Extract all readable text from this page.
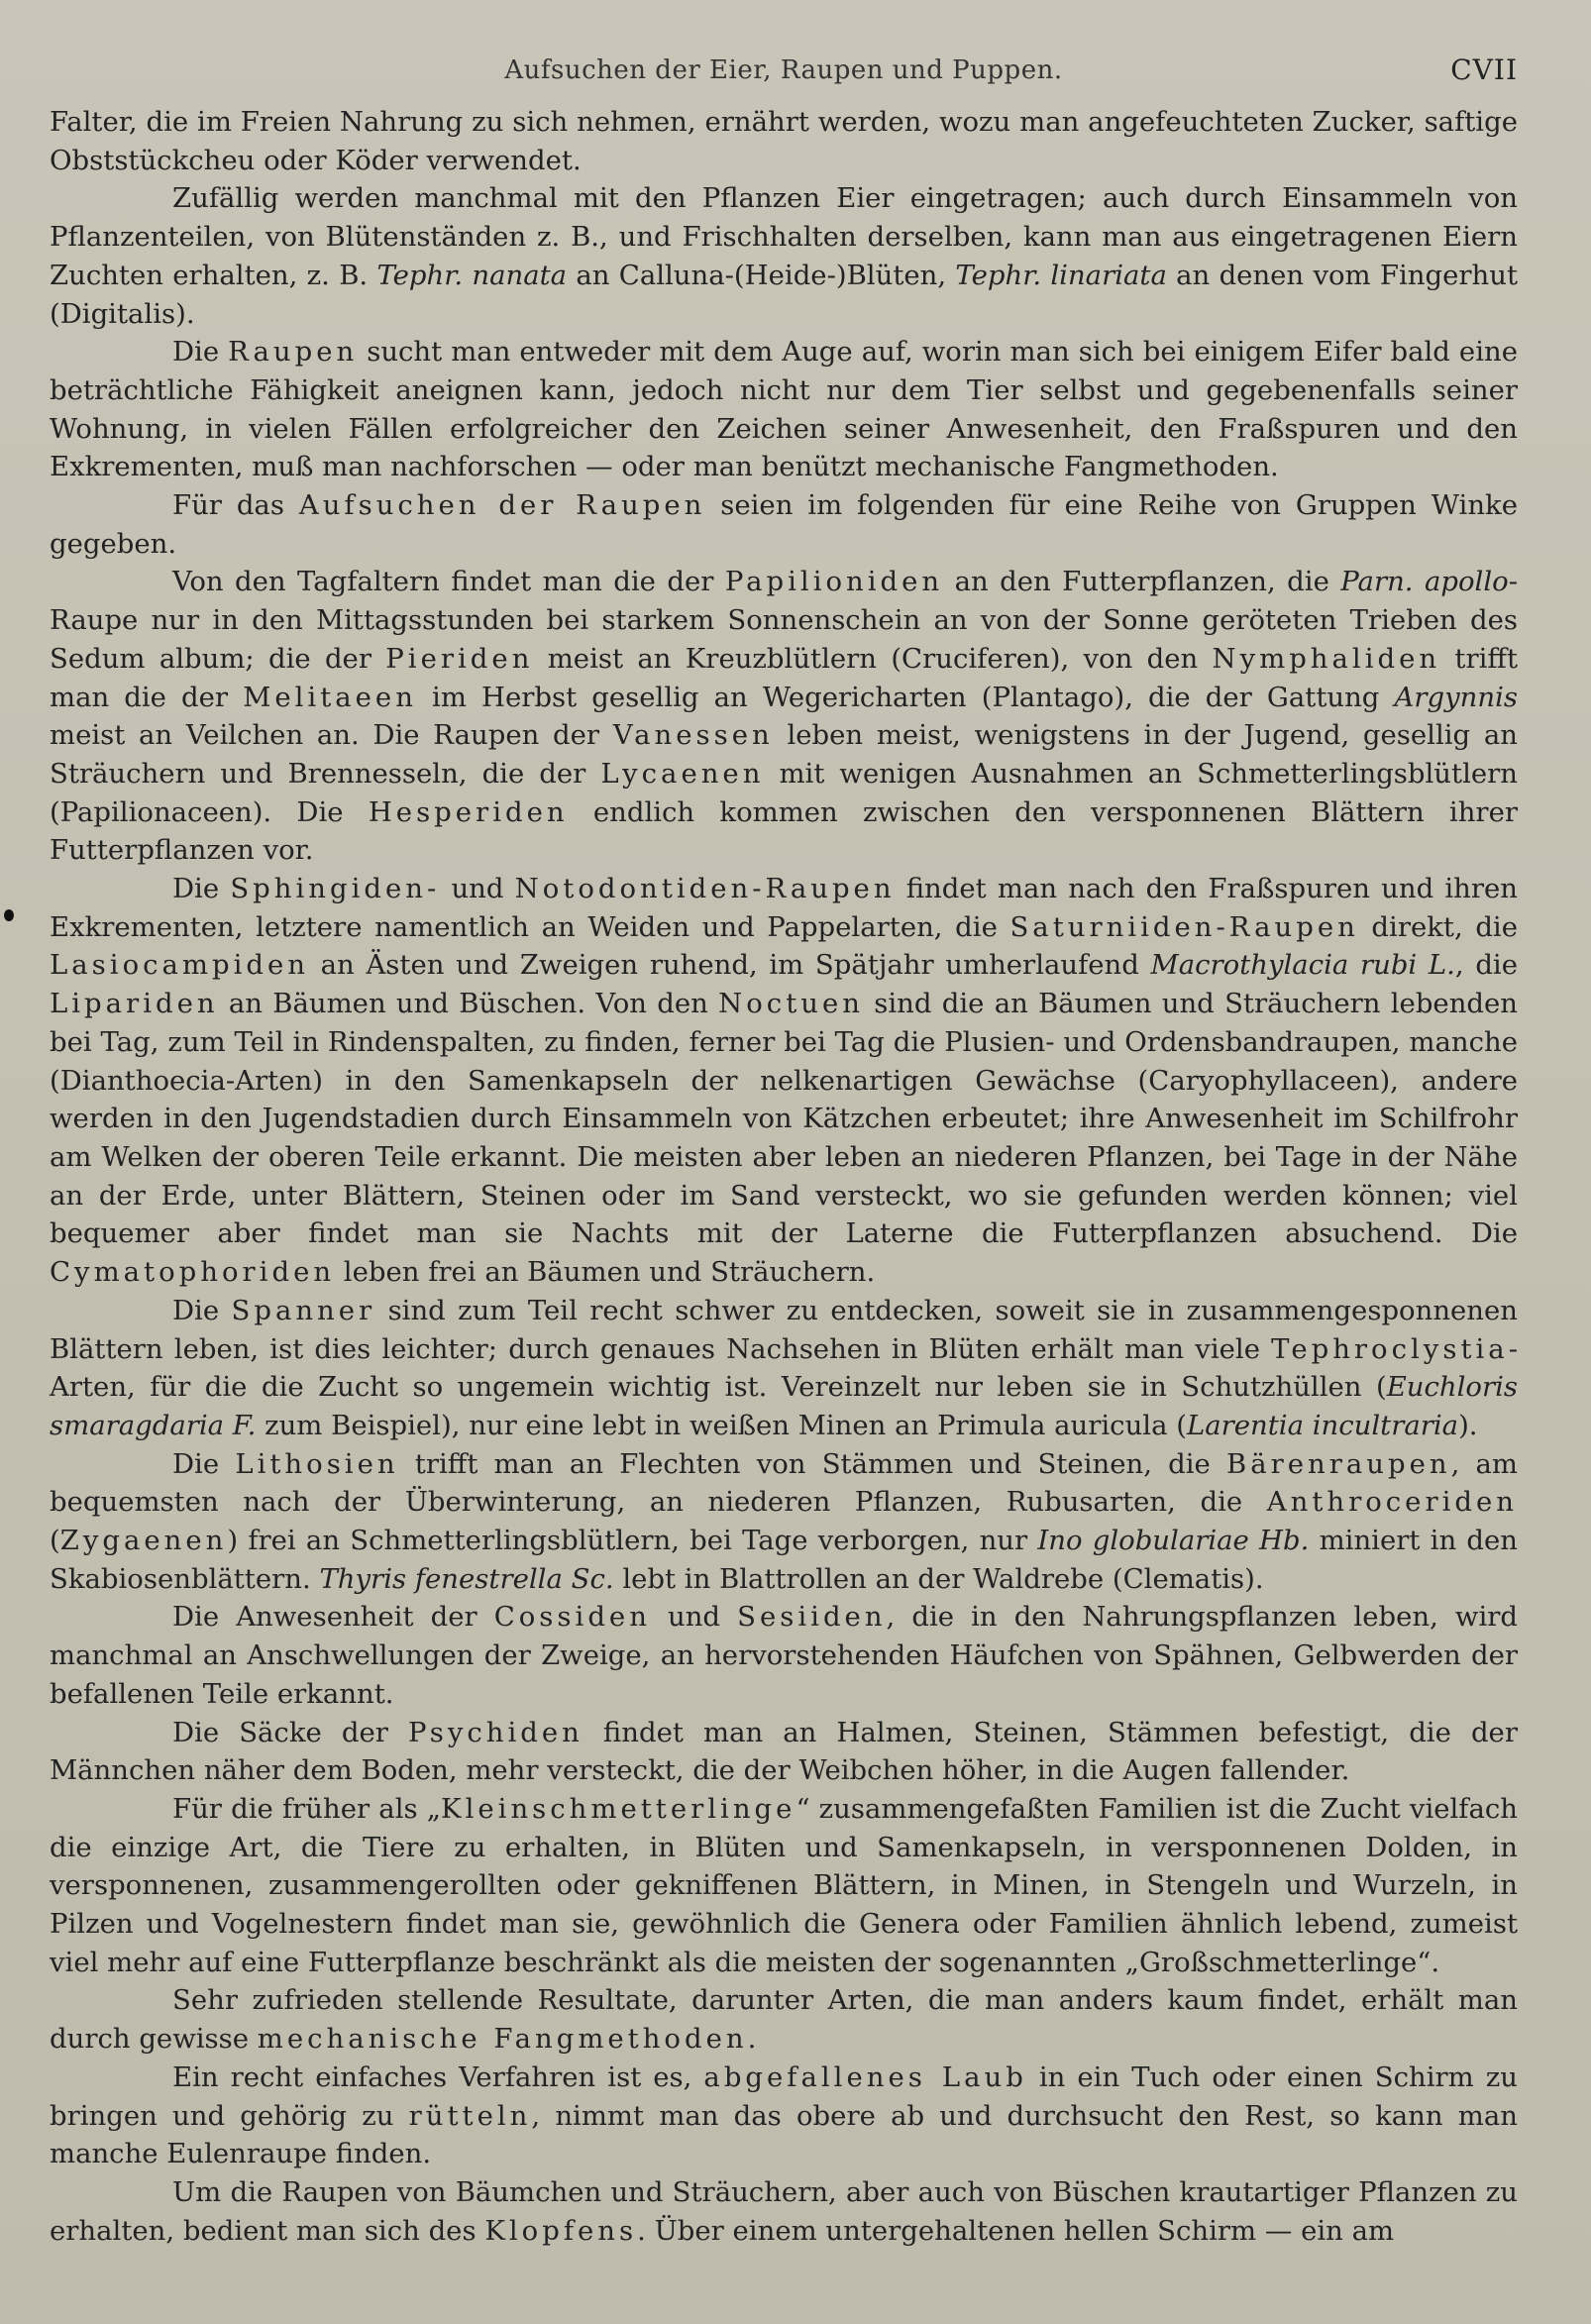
Aufsuchen der Eier, Raupen und Puppen.	CVII

Falter, die im Freien Nahrung zu sich nehmen, ernährt werden, wozu man angefeuchteten Zucker, saftige Obststückcheu oder Köder verwendet.

Zufällig werden manchmal mit den Pflanzen Eier eingetragen; auch durch Einsammeln von Pflanzenteilen, von Blütenständen z. B., und Frischhalten derselben, kann man aus eingetragenen Eiern Zuchten erhalten, z. B. Tephr. nanata an Calluna-(Heide-)Blüten, Tephr. linariata an denen vom Fingerhut (Digitalis).

Die Raupen sucht man entweder mit dem Auge auf, worin man sich bei einigem Eifer bald eine beträchtliche Fähigkeit aneignen kann, jedoch nicht nur dem Tier selbst und gegebenenfalls seiner Wohnung, in vielen Fällen erfolgreicher den Zeichen seiner Anwesenheit, den Fraßspuren und den Exkrementen, muß man nachforschen — oder man benützt mechanische Fangmethoden.

Für das Aufsuchen der Raupen seien im folgenden für eine Reihe von Gruppen Winke gegeben.

Von den Tagfaltern findet man die der Papilioniden an den Futterpflanzen, die Parn. apollo-Raupe nur in den Mittagsstunden bei starkem Sonnenschein an von der Sonne geröteten Trieben des Sedum album; die der Pieriden meist an Kreuzblütlern (Cruciferen), von den Nymphaliden trifft man die der Melitaeen im Herbst gesellig an Wegericharten (Plantago), die der Gattung Argynnis meist an Veilchen an. Die Raupen der Vanessen leben meist, wenigstens in der Jugend, gesellig an Sträuchern und Brennesseln, die der Lycaenen mit wenigen Ausnahmen an Schmetterlingsblütlern (Papilionaceen). Die Hesperiden endlich kommen zwischen den versponnenen Blättern ihrer Futterpflanzen vor.

Die Sphingiden- und Notodontiden-Raupen findet man nach den Fraßspuren und ihren Exkrementen, letztere namentlich an Weiden und Pappelarten, die Saturniiden-Raupen direkt, die Lasiocampiden an Ästen und Zweigen ruhend, im Spätjahr umherlaufend Macrothylacia rubi L., die Lipariden an Bäumen und Büschen. Von den Noctuen sind die an Bäumen und Sträuchern lebenden bei Tag, zum Teil in Rindenspalten, zu finden, ferner bei Tag die Plusien- und Ordensbandraupen, manche (Dianthoecia-Arten) in den Samenkapseln der nelkenartigen Gewächse (Caryophyllaceen), andere werden in den Jugendstadien durch Einsammeln von Kätzchen erbeutet; ihre Anwesenheit im Schilfrohr am Welken der oberen Teile erkannt. Die meisten aber leben an niederen Pflanzen, bei Tage in der Nähe an der Erde, unter Blättern, Steinen oder im Sand versteckt, wo sie gefunden werden können; viel bequemer aber findet man sie Nachts mit der Laterne die Futterpflanzen absuchend. Die Cymatophoriden leben frei an Bäumen und Sträuchern.

Die Spanner sind zum Teil recht schwer zu entdecken, soweit sie in zusammengesponnenen Blättern leben, ist dies leichter; durch genaues Nachsehen in Blüten erhält man viele Tephroclystia-Arten, für die die Zucht so ungemein wichtig ist. Vereinzelt nur leben sie in Schutzhüllen (Euchloris smaragdaria F. zum Beispiel), nur eine lebt in weißen Minen an Primula auricula (Larentia incultraria).

Die Lithosien trifft man an Flechten von Stämmen und Steinen, die Bärenraupen, am bequemsten nach der Überwinterung, an niederen Pflanzen, Rubusarten, die Anthroceriden (Zygaenen) frei an Schmetterlingsblütlern, bei Tage verborgen, nur Ino globulariae Hb. miniert in den Skabiosenblättern. Thyris fenestrella Sc. lebt in Blattrollen an der Waldrebe (Clematis).

Die Anwesenheit der Cossiden und Sesiiden, die in den Nahrungspflanzen leben, wird manchmal an Anschwellungen der Zweige, an hervorstehenden Häufchen von Spähnen, Gelbwerden der befallenen Teile erkannt.

Die Säcke der Psychiden findet man an Halmen, Steinen, Stämmen befestigt, die der Männchen näher dem Boden, mehr versteckt, die der Weibchen höher, in die Augen fallender.

Für die früher als „Kleinschmetterlinge“ zusammengefaßten Familien ist die Zucht vielfach die einzige Art, die Tiere zu erhalten, in Blüten und Samenkapseln, in versponnenen Dolden, in versponnenen, zusammengerollten oder gekniffenen Blättern, in Minen, in Stengeln und Wurzeln, in Pilzen und Vogelnestern findet man sie, gewöhnlich die Genera oder Familien ähnlich lebend, zumeist viel mehr auf eine Futterpflanze beschränkt als die meisten der sogenannten „Großschmetterlinge“.

Sehr zufrieden stellende Resultate, darunter Arten, die man anders kaum findet, erhält man durch gewisse mechanische Fangmethoden.

Ein recht einfaches Verfahren ist es, abgefallenes Laub in ein Tuch oder einen Schirm zu bringen und gehörig zu rütteln, nimmt man das obere ab und durchsucht den Rest, so kann man manche Eulenraupe finden.

Um die Raupen von Bäumchen und Sträuchern, aber auch von Büschen krautartiger Pflanzen zu erhalten, bedient man sich des Klopfens. Über einem untergehaltenen hellen Schirm — ein am
